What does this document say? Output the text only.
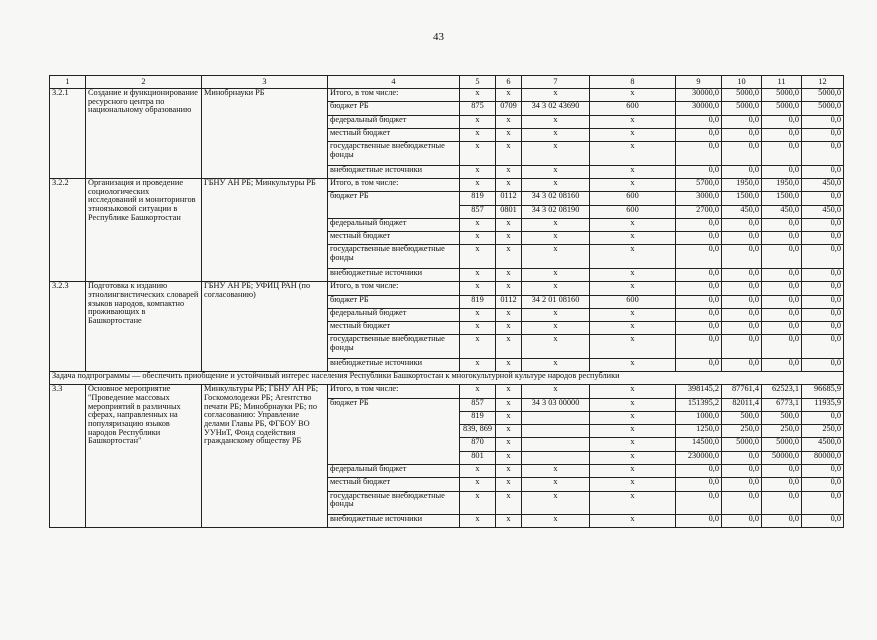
43
1	2	3	4	5	6	7	8	9	10	11	12
3.2.1	Создание и функционирование ресурсного центра по национальному образованию	Минобрнауки РБ	Итого, в том числе:	x	x	x	x	30000,0	5000,0	5000,0	5000,0
			бюджет РБ	875	0709	34 3 02 43690	600	30000,0	5000,0	5000,0	5000,0
			федеральный бюджет	x	x	x	x	0,0	0,0	0,0	0,0
			местный бюджет	x	x	x	x	0,0	0,0	0,0	0,0
			государственные внебюджетные фонды	x	x	x	x	0,0	0,0	0,0	0,0
			внебюджетные источники	x	x	x	x	0,0	0,0	0,0	0,0
3.2.2	Организация и проведение социологических исследований и мониторингов этноязыковой ситуации в Республике Башкортостан	ГБНУ АН РБ; Минкультуры РБ	Итого, в том числе:	x	x	x	x	5700,0	1950,0	1950,0	450,0
			бюджет РБ	819	0112	34 3 02 08160	600	3000,0	1500,0	1500,0	0,0
				857	0801	34 3 02 08190	600	2700,0	450,0	450,0	450,0
			федеральный бюджет	x	x	x	x	0,0	0,0	0,0	0,0
			местный бюджет	x	x	x	x	0,0	0,0	0,0	0,0
			государственные внебюджетные фонды	x	x	x	x	0,0	0,0	0,0	0,0
			внебюджетные источники	x	x	x	x	0,0	0,0	0,0	0,0
3.2.3	Подготовка к изданию этнолингвистических словарей языков народов, компактно проживающих в Башкортостане	ГБНУ АН РБ; УФИЦ РАН (по согласованию)	Итого, в том числе:	x	x	x	x	0,0	0,0	0,0	0,0
			бюджет РБ	819	0112	34 2 01 08160	600	0,0	0,0	0,0	0,0
			федеральный бюджет	x	x	x	x	0,0	0,0	0,0	0,0
			местный бюджет	x	x	x	x	0,0	0,0	0,0	0,0
			государственные внебюджетные фонды	x	x	x	x	0,0	0,0	0,0	0,0
			внебюджетные источники	x	x	x	x	0,0	0,0	0,0	0,0
Задача подпрограммы — обеспечить приобщение и устойчивый интерес населения Республики Башкортостан к многокультурной культуре народов республики											
3.3	Основное мероприятие "Проведение массовых мероприятий в различных сферах, направленных на популяризацию языков народов Республики Башкортостан"	Минкультуры РБ; ГБНУ АН РБ; Госкомолодежи РБ; Агентство печати РБ; Минобрнауки РБ; по согласованию: Управление делами Главы РБ, ФГБОУ ВО УУНиТ, Фонд содействия гражданскому обществу РБ	Итого, в том числе:	x	x	x	x	398145,2	87761,4	62523,1	96685,9
			бюджет РБ	857	x	34 3 03 00000	x	151395,2	82011,4	6773,1	11935,9
				819	x		x	1000,0	500,0	500,0	0,0
				839, 869	x		x	1250,0	250,0	250,0	250,0
				870	x		x	14500,0	5000,0	5000,0	4500,0
				801	x		x	230000,0	0,0	50000,0	80000,0
			федеральный бюджет	x	x	x	x	0,0	0,0	0,0	0,0
			местный бюджет	x	x	x	x	0,0	0,0	0,0	0,0
			государственные внебюджетные фонды	x	x	x	x	0,0	0,0	0,0	0,0
			внебюджетные источники	x	x	x	x	0,0	0,0	0,0	0,0
